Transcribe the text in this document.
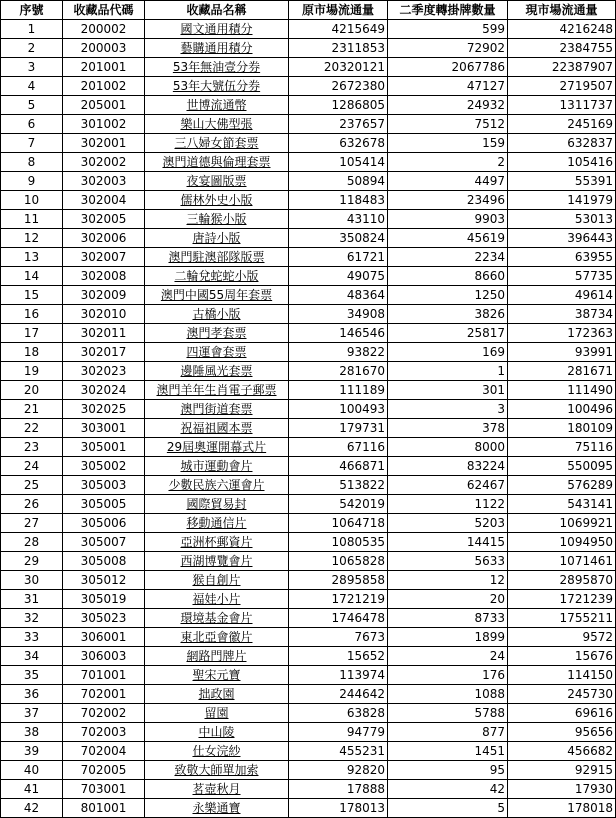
序號	收藏品代碼	收藏品名稱	原市場流通量	二季度轉掛牌數量	現市場流通量
1	200002	國文通用積分	4215649	599	4216248
2	200003	藝購通用積分	2311853	72902	2384755
3	201001	53年無油壹分券	20320121	2067786	22387907
4	201002	53年大號伍分券	2672380	47127	2719507
5	205001	世博流通幣	1286805	24932	1311737
6	301002	樂山大佛型張	237657	7512	245169
7	302001	三八婦女節套票	632678	159	632837
8	302002	澳門道德與倫理套票	105414	2	105416
9	302003	夜宴圖版票	50894	4497	55391
10	302004	儒林外史小版	118483	23496	141979
11	302005	三輪猴小版	43110	9903	53013
12	302006	唐詩小版	350824	45619	396443
13	302007	澳門駐澳部隊版票	61721	2234	63955
14	302008	二輪兌蛇蛇小版	49075	8660	57735
15	302009	澳門中國55周年套票	48364	1250	49614
16	302010	古橋小版	34908	3826	38734
17	302011	澳門孝套票	146546	25817	172363
18	302017	四運會套票	93822	169	93991
19	302023	邊陲風光套票	281670	1	281671
20	302024	澳門羊年生肖電子郵票	111189	301	111490
21	302025	澳門街道套票	100493	3	100496
22	303001	祝福祖國本票	179731	378	180109
23	305001	29屆奧運開幕式片	67116	8000	75116
24	305002	城市運動會片	466871	83224	550095
25	305003	少數民族六運會片	513822	62467	576289
26	305005	國際貿易封	542019	1122	543141
27	305006	移動通信片	1064718	5203	1069921
28	305007	亞洲杯郵資片	1080535	14415	1094950
29	305008	西湖博覽會片	1065828	5633	1071461
30	305012	猴自創片	2895858	12	2895870
31	305019	福娃小片	1721219	20	1721239
32	305023	環境基金會片	1746478	8733	1755211
33	306001	東北亞會徽片	7673	1899	9572
34	306003	網路門牌片	15652	24	15676
35	701001	聖宋元寶	113974	176	114150
36	702001	拙政園	244642	1088	245730
37	702002	留園	63828	5788	69616
38	702003	中山陵	94779	877	95656
39	702004	仕女浣紗	455231	1451	456682
40	702005	致敬大師單加索	92820	95	92915
41	703001	茗壺秋月	17888	42	17930
42	801001	永樂通寶	178013	5	178018
